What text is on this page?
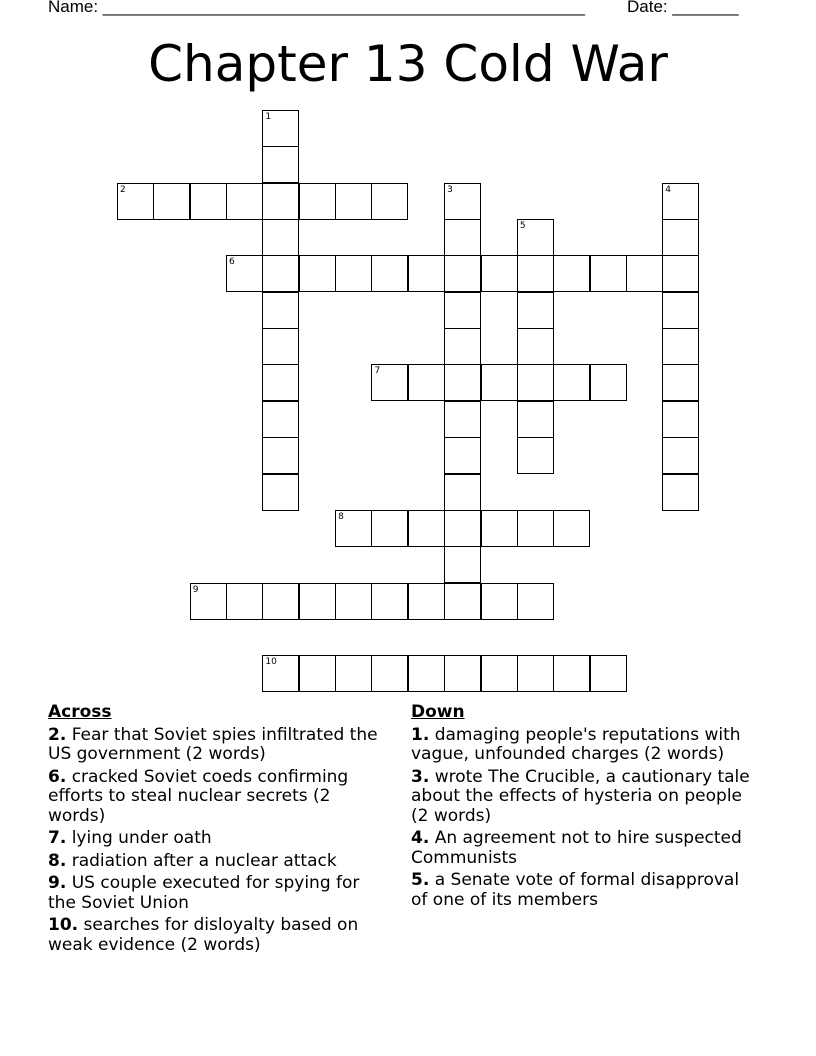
Name: ___________________________________________________ Date: _______
Chapter 13 Cold War
1
2	3	4
5
6
7
8
9
10
Across
2. Fear that Soviet spies infiltrated the US government (2 words)
6. cracked Soviet coeds confirming efforts to steal nuclear secrets (2 words)
7. lying under oath
8. radiation after a nuclear attack
9. US couple executed for spying for the Soviet Union
10. searches for disloyalty based on weak evidence (2 words)
Down
1. damaging people's reputations with vague, unfounded charges (2 words)
3. wrote The Crucible, a cautionary tale about the effects of hysteria on people (2 words)
4. An agreement not to hire suspected Communists
5. a Senate vote of formal disapproval of one of its members
